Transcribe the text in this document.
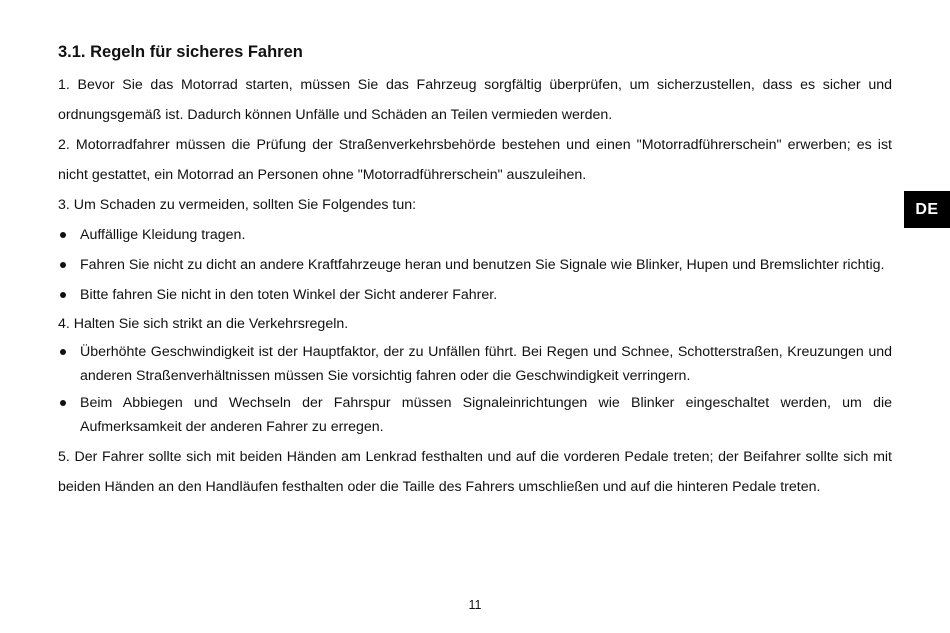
3.1. Regeln für sicheres Fahren

1. Bevor Sie das Motorrad starten, müssen Sie das Fahrzeug sorgfältig überprüfen, um sicherzustellen, dass es sicher und ordnungsgemäß ist. Dadurch können Unfälle und Schäden an Teilen vermieden werden.

2. Motorradfahrer müssen die Prüfung der Straßenverkehrsbehörde bestehen und einen "Motorradführerschein" erwerben; es ist nicht gestattet, ein Motorrad an Personen ohne "Motorradführerschein" auszuleihen.

3. Um Schaden zu vermeiden, sollten Sie Folgendes tun:

Auffällige Kleidung tragen.
Fahren Sie nicht zu dicht an andere Kraftfahrzeuge heran und benutzen Sie Signale wie Blinker, Hupen und Bremslichter richtig.
Bitte fahren Sie nicht in den toten Winkel der Sicht anderer Fahrer.

4. Halten Sie sich strikt an die Verkehrsregeln.

Überhöhte Geschwindigkeit ist der Hauptfaktor, der zu Unfällen führt. Bei Regen und Schnee, Schotterstraßen, Kreuzungen und anderen Straßenverhältnissen müssen Sie vorsichtig fahren oder die Geschwindigkeit verringern.
Beim Abbiegen und Wechseln der Fahrspur müssen Signaleinrichtungen wie Blinker eingeschaltet werden, um die Aufmerksamkeit der anderen Fahrer zu erregen.

5. Der Fahrer sollte sich mit beiden Händen am Lenkrad festhalten und auf die vorderen Pedale treten; der Beifahrer sollte sich mit beiden Händen an den Handläufen festhalten oder die Taille des Fahrers umschließen und auf die hinteren Pedale treten.

DE
11
